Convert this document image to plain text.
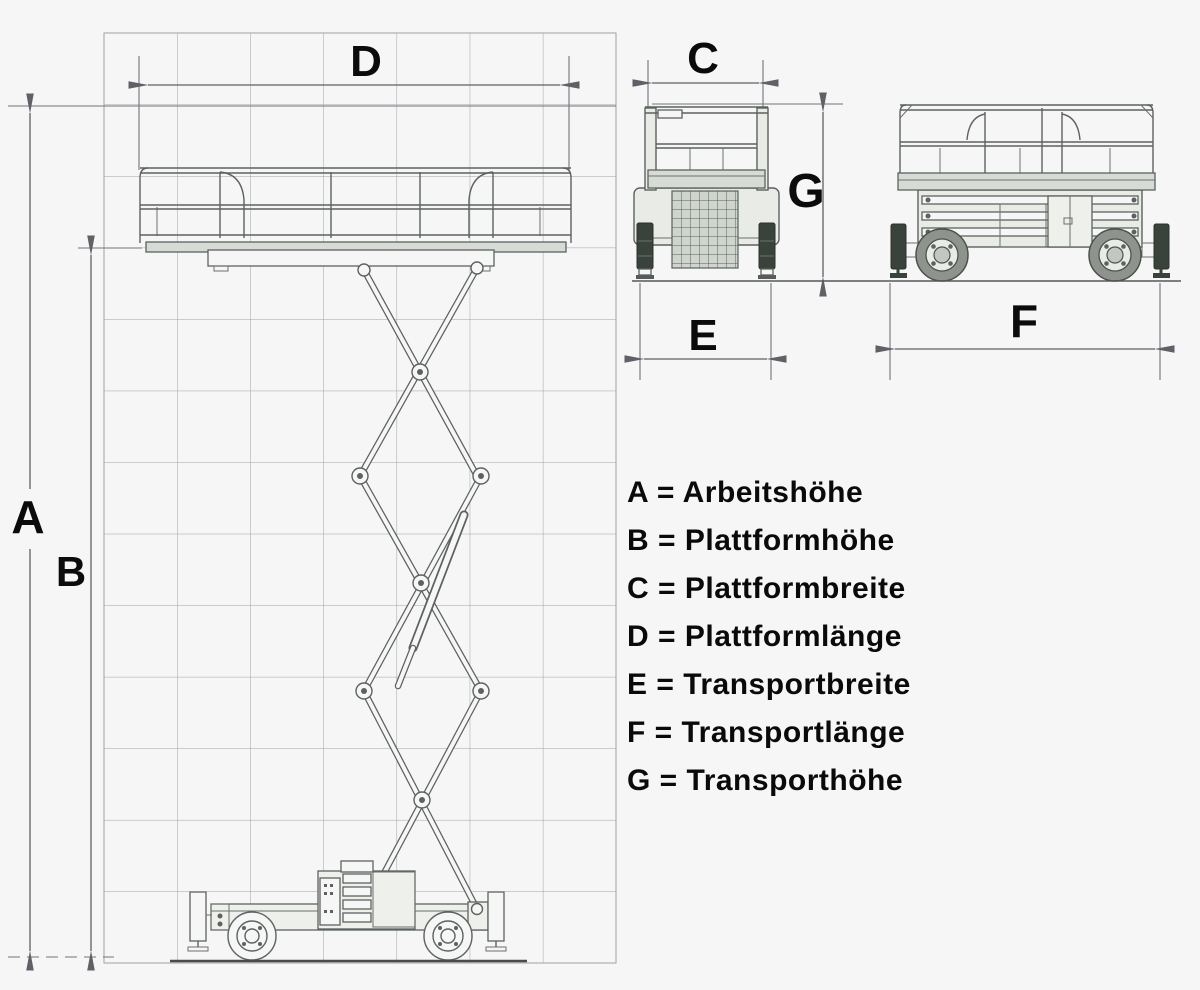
D
A
B
C
G
E	F
A = Arbeitshöhe
B = Plattformhöhe
C = Plattformbreite
D = Plattformlänge
E = Transportbreite
F = Transportlänge
G = Transporthöhe
